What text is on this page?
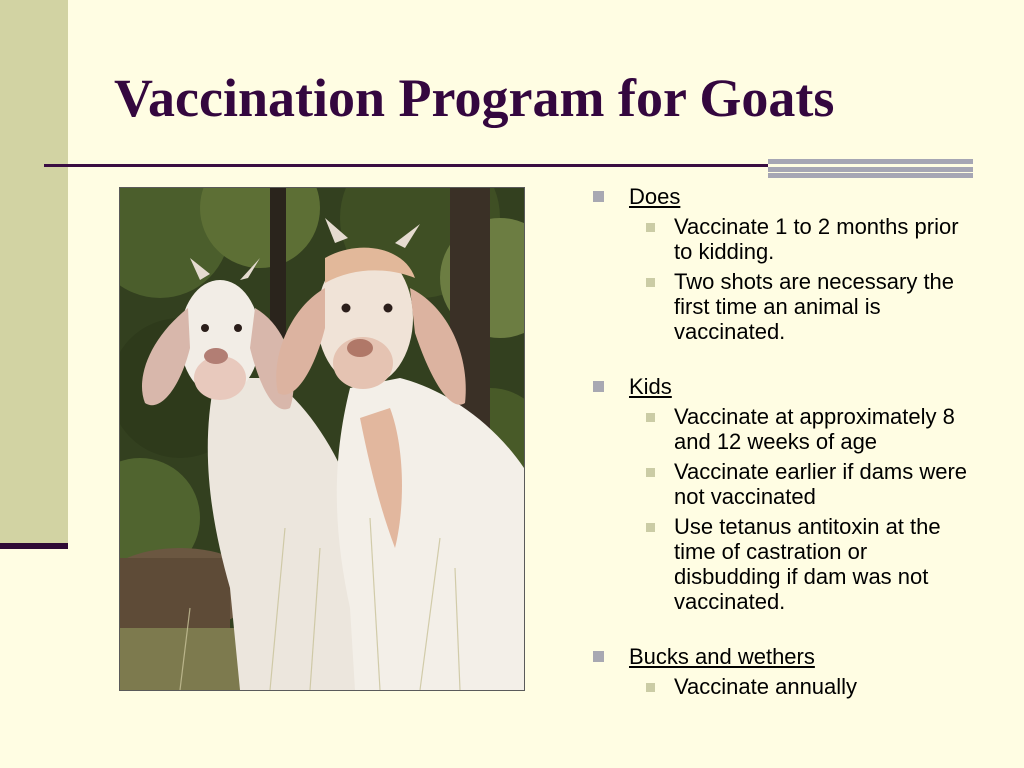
Vaccination Program for Goats
Does
Vaccinate 1 to 2 months prior to kidding.
Two shots are necessary the first time an animal is vaccinated.
Kids
Vaccinate at approximately 8 and 12 weeks of age
Vaccinate earlier if dams were not vaccinated
Use tetanus antitoxin at the time of castration or disbudding if dam was not vaccinated.
Bucks and wethers
Vaccinate annually
